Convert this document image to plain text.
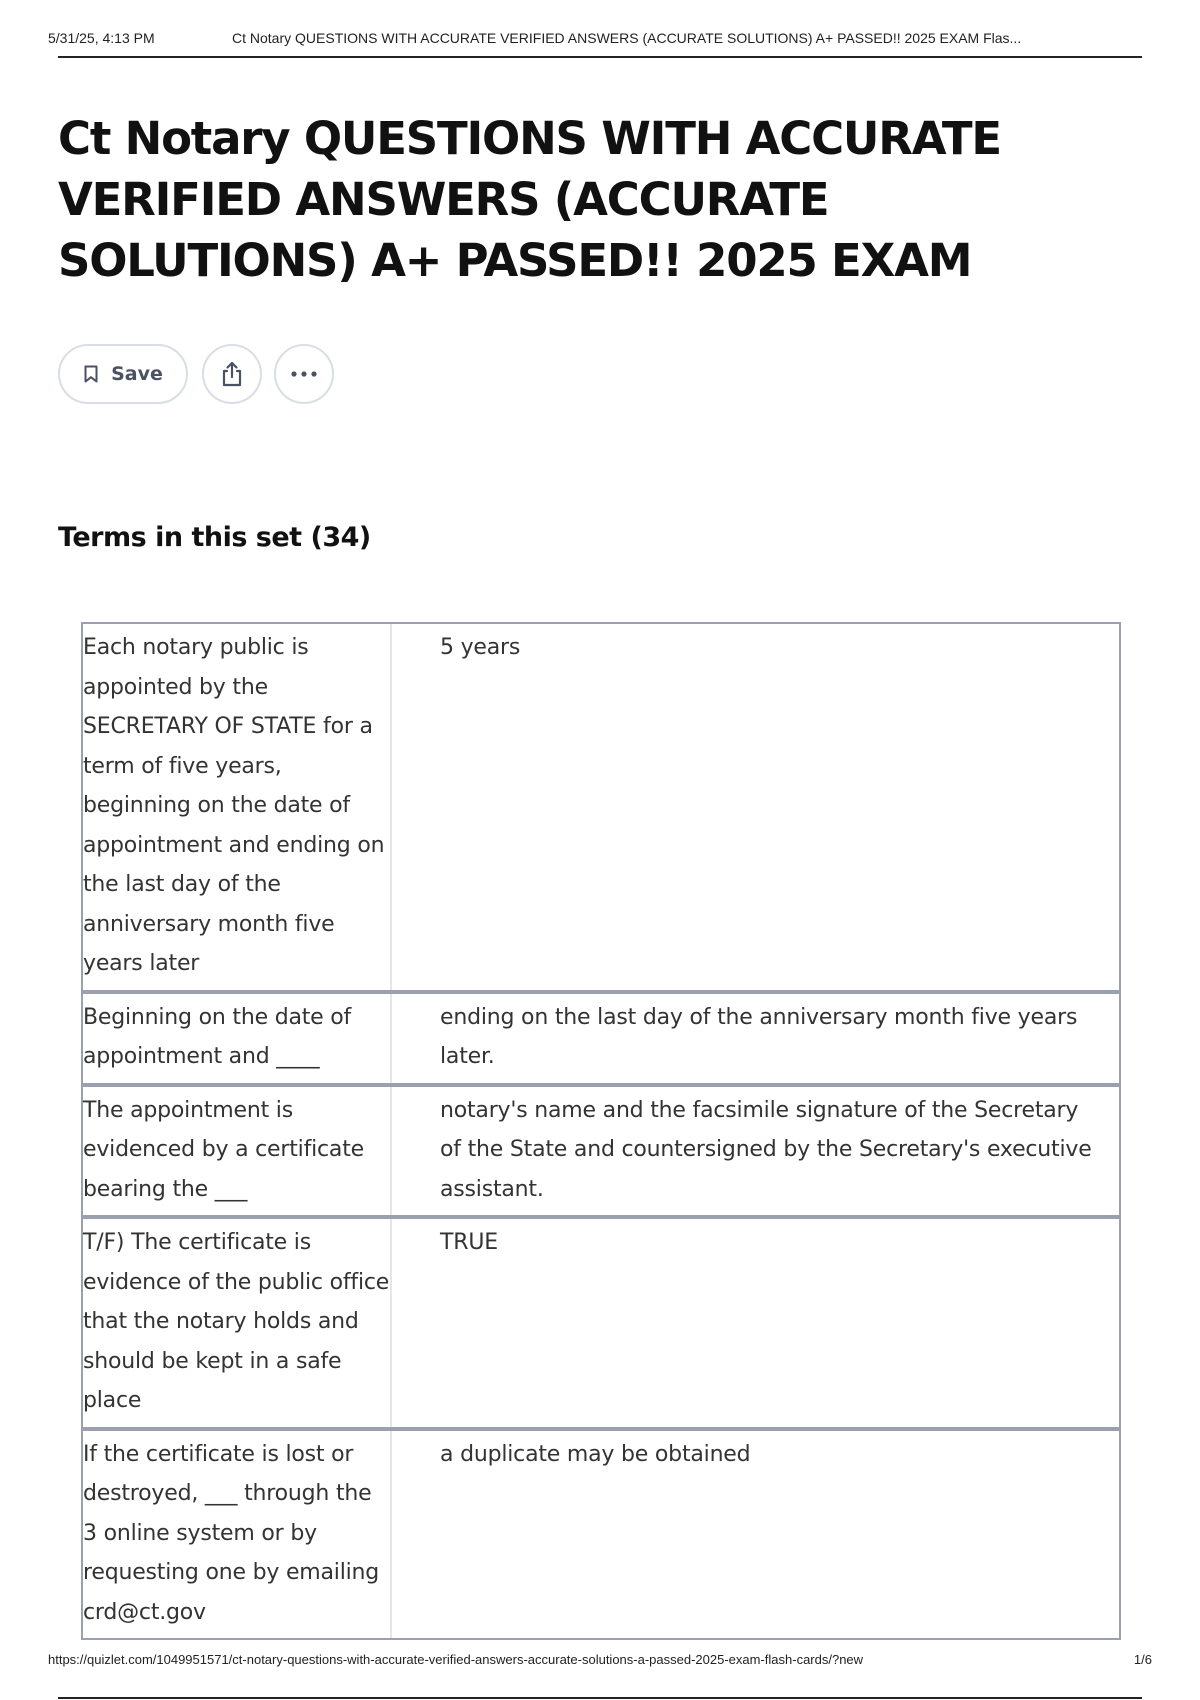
5/31/25, 4:13 PM	Ct Notary QUESTIONS WITH ACCURATE VERIFIED ANSWERS (ACCURATE SOLUTIONS) A+ PASSED!! 2025 EXAM Flas...
Ct Notary QUESTIONS WITH ACCURATE VERIFIED ANSWERS (ACCURATE SOLUTIONS) A+ PASSED!! 2025 EXAM
Save
Terms in this set (34)
Each notary public is appointed by the SECRETARY OF STATE for a term of five years, beginning on the date of appointment and ending on the last day of the anniversary month five years later
5 years
Beginning on the date of appointment and ____
ending on the last day of the anniversary month five years later.
The appointment is evidenced by a certificate bearing the ___
notary's name and the facsimile signature of the Secretary of the State and countersigned by the Secretary's executive assistant.
T/F) The certificate is evidence of the public office that the notary holds and should be kept in a safe place
TRUE
If the certificate is lost or destroyed, ___ through the 3 online system or by requesting one by emailing crd@ct.gov
a duplicate may be obtained
https://quizlet.com/1049951571/ct-notary-questions-with-accurate-verified-answers-accurate-solutions-a-passed-2025-exam-flash-cards/?new	1/6
